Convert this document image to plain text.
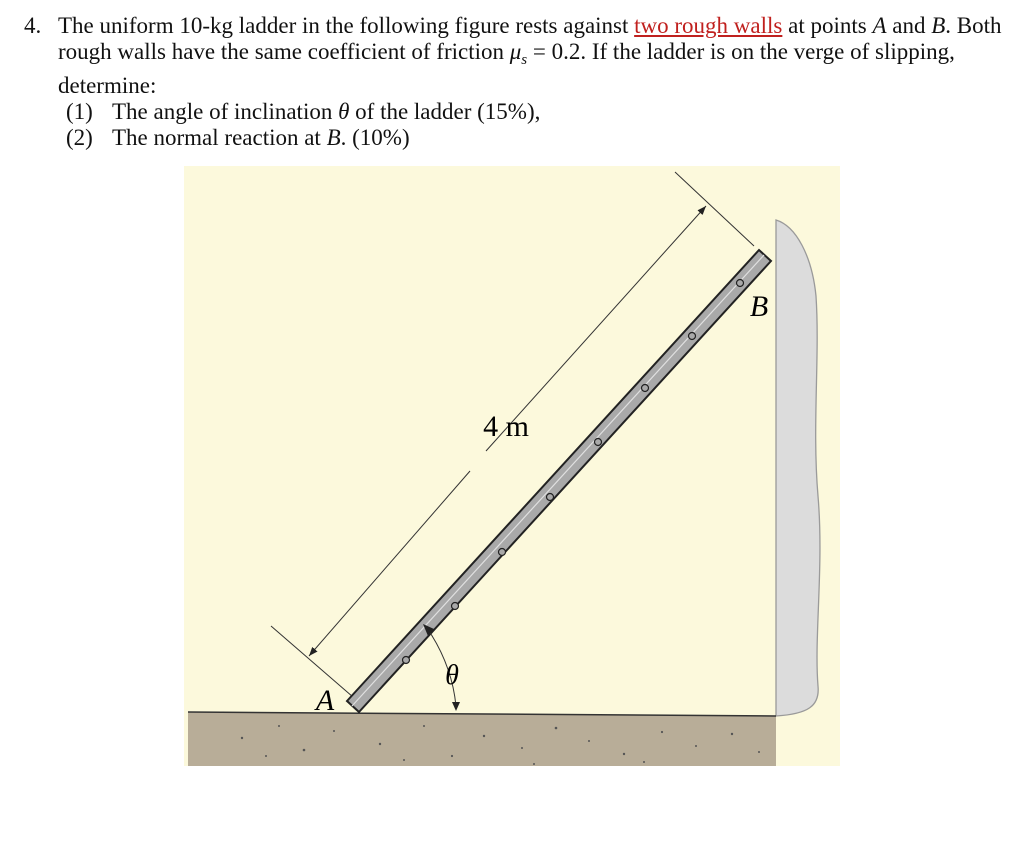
4. The uniform 10-kg ladder in the following figure rests against two rough walls at points A and B. Both rough walls have the same coefficient of friction $\mu_s = 0.2$. If the ladder is on the verge of slipping, determine:
(1) The angle of inclination θ of the ladder (15%),
(2) The normal reaction at B. (10%)
4 m
θ
A
B
